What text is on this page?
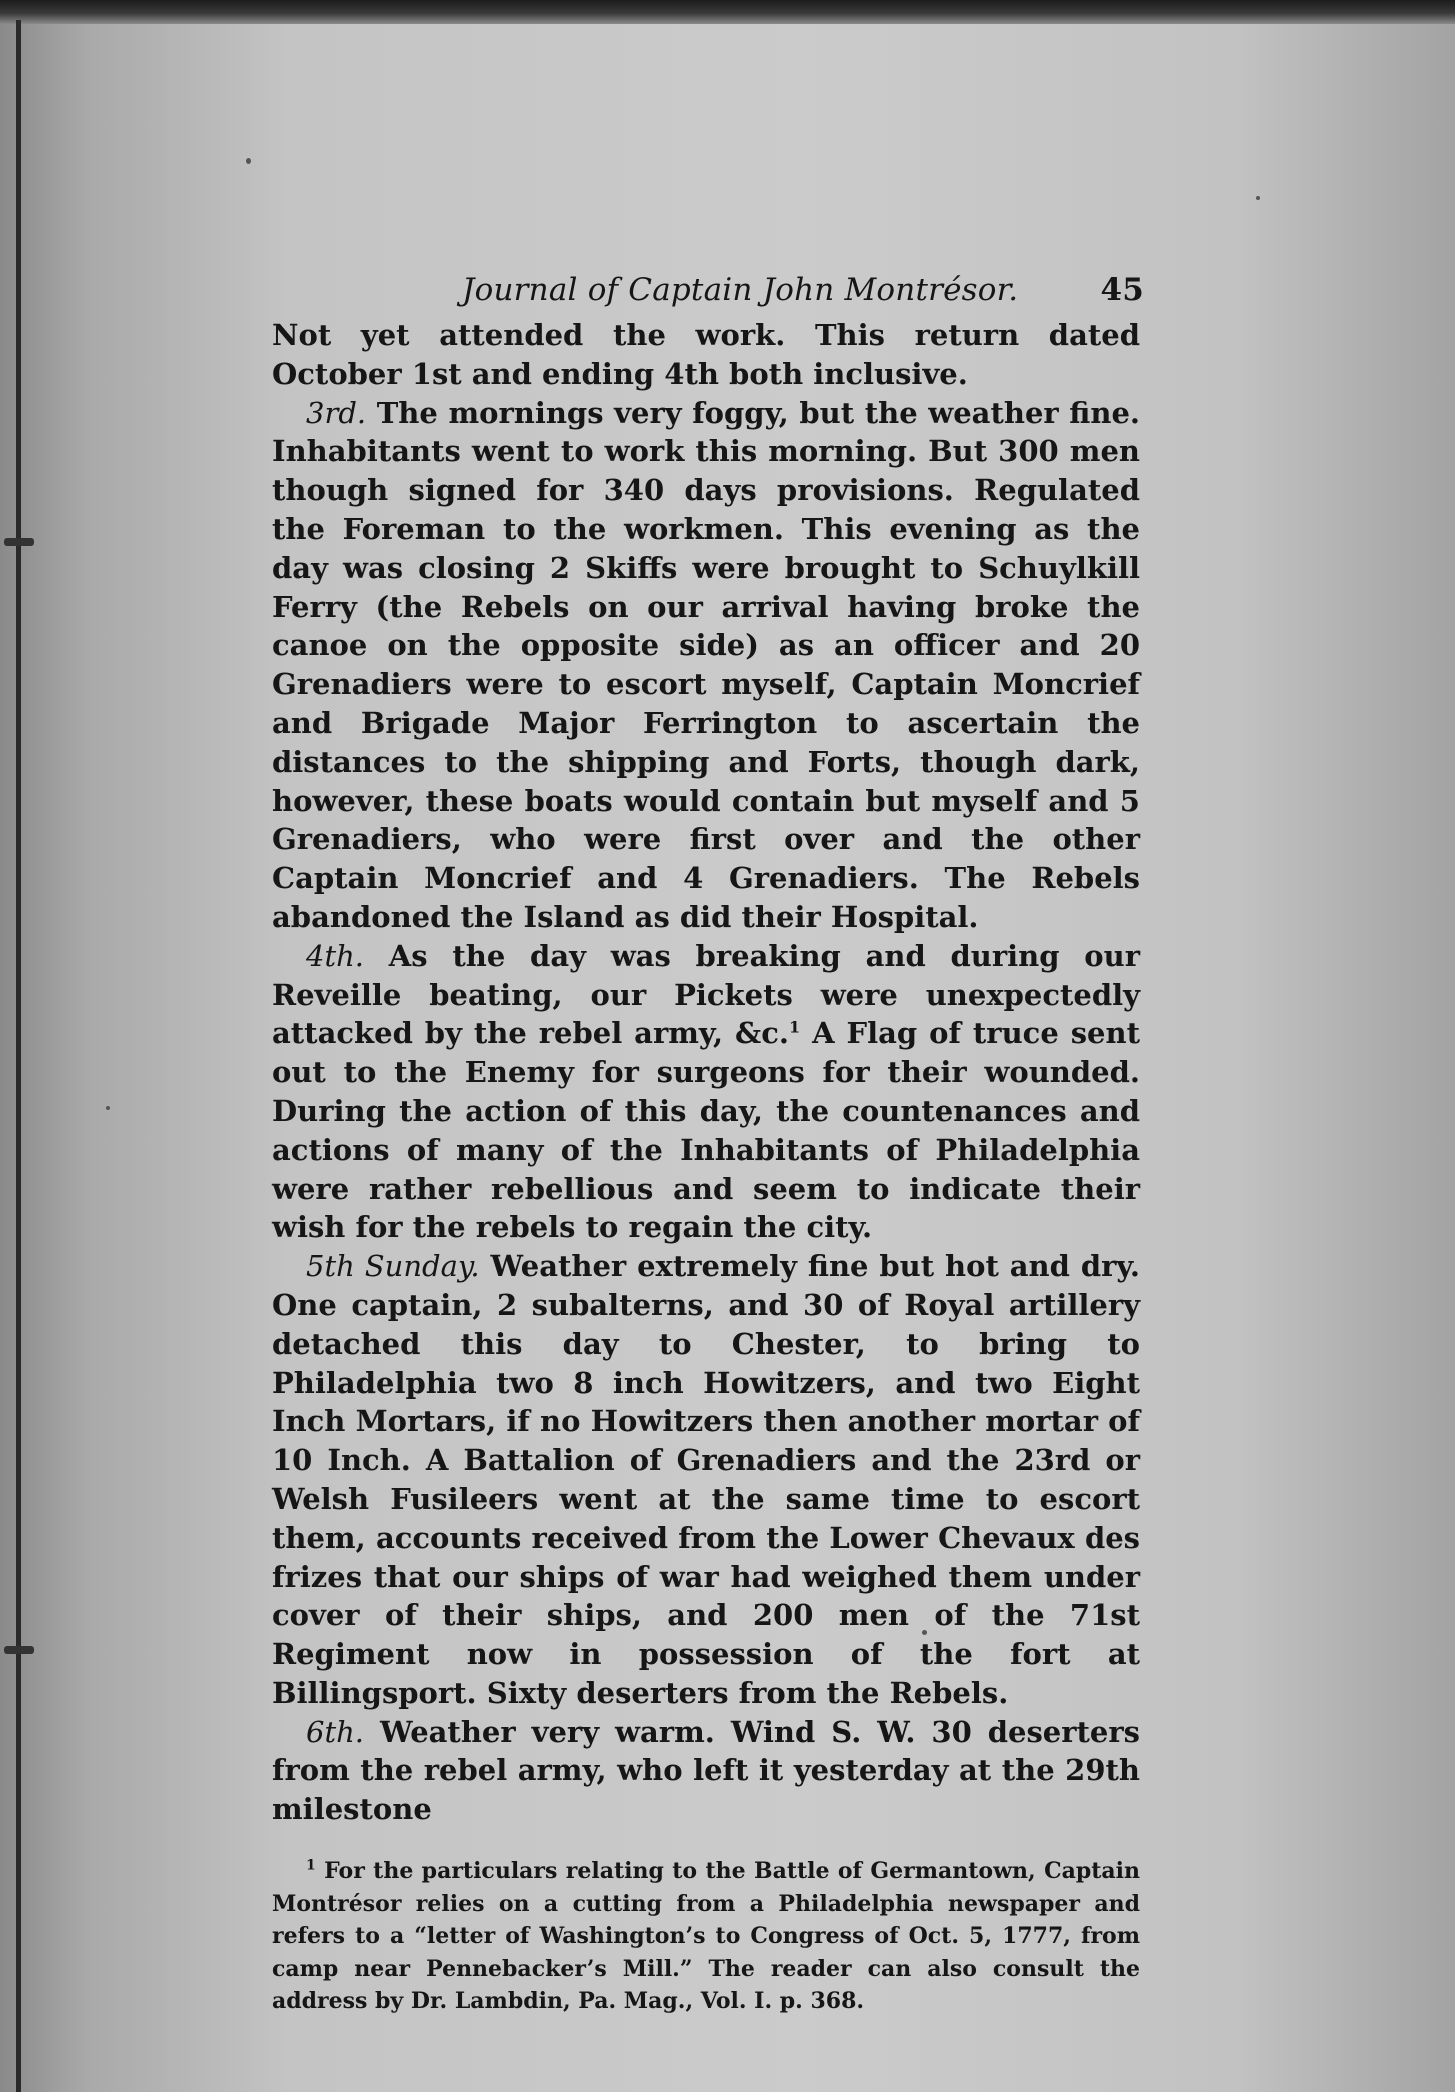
Journal of Captain John Montrésor.	45

Not yet attended the work. This return dated October 1st and ending 4th both inclusive.

3rd. The mornings very foggy, but the weather fine. Inhabitants went to work this morning. But 300 men though signed for 340 days provisions. Regulated the Foreman to the workmen. This evening as the day was closing 2 Skiffs were brought to Schuylkill Ferry (the Rebels on our arrival having broke the canoe on the opposite side) as an officer and 20 Grenadiers were to escort myself, Captain Moncrief and Brigade Major Ferrington to ascertain the distances to the shipping and Forts, though dark, however, these boats would contain but myself and 5 Grenadiers, who were first over and the other Captain Moncrief and 4 Grenadiers. The Rebels abandoned the Island as did their Hospital.

4th. As the day was breaking and during our Reveille beating, our Pickets were unexpectedly attacked by the rebel army, &c.$^1$ A Flag of truce sent out to the Enemy for surgeons for their wounded. During the action of this day, the countenances and actions of many of the Inhabitants of Philadelphia were rather rebellious and seem to indicate their wish for the rebels to regain the city.

5th Sunday. Weather extremely fine but hot and dry. One captain, 2 subalterns, and 30 of Royal artillery detached this day to Chester, to bring to Philadelphia two 8 inch Howitzers, and two Eight Inch Mortars, if no Howitzers then another mortar of 10 Inch. A Battalion of Grenadiers and the 23rd or Welsh Fusileers went at the same time to escort them, accounts received from the Lower Chevaux des frizes that our ships of war had weighed them under cover of their ships, and 200 men of the 71st Regiment now in possession of the fort at Billingsport. Sixty deserters from the Rebels.

6th. Weather very warm. Wind S. W. 30 deserters from the rebel army, who left it yesterday at the 29th milestone

$^1$ For the particulars relating to the Battle of Germantown, Captain Montrésor relies on a cutting from a Philadelphia newspaper and refers to a “letter of Washington’s to Congress of Oct. 5, 1777, from camp near Pennebacker’s Mill.” The reader can also consult the address by Dr. Lambdin, Pa. Mag., Vol. I. p. 368.
